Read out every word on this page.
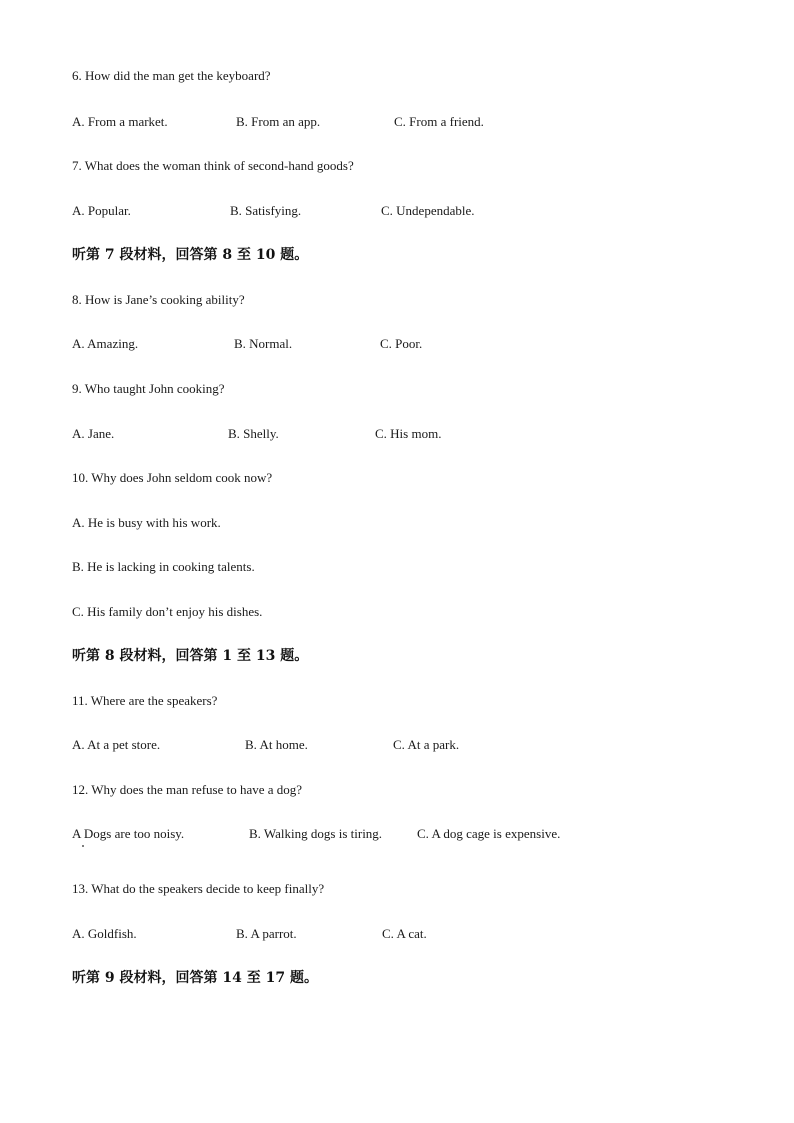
6. How did the man get the keyboard?
A. From a market.	B. From an app.	C. From a friend.
7. What does the woman think of second-hand goods?
A. Popular.	B. Satisfying.	C. Undependable.
听第 7 段材料，回答第 8 至 10 题。
8. How is Jane’s cooking ability?
A. Amazing.	B. Normal.	C. Poor.
9. Who taught John cooking?
A. Jane.	B. Shelly.	C. His mom.
10. Why does John seldom cook now?
A. He is busy with his work.
B. He is lacking in cooking talents.
C. His family don’t enjoy his dishes.
听第 8 段材料，回答第 1 至 13 题。
11. Where are the speakers?
A. At a pet store.	B. At home.	C. At a park.
12. Why does the man refuse to have a dog?
A Dogs are too noisy.	B. Walking dogs is tiring.	C. A dog cage is expensive.
13. What do the speakers decide to keep finally?
A. Goldfish.	B. A parrot.	C. A cat.
听第 9 段材料，回答第 14 至 17 题。
